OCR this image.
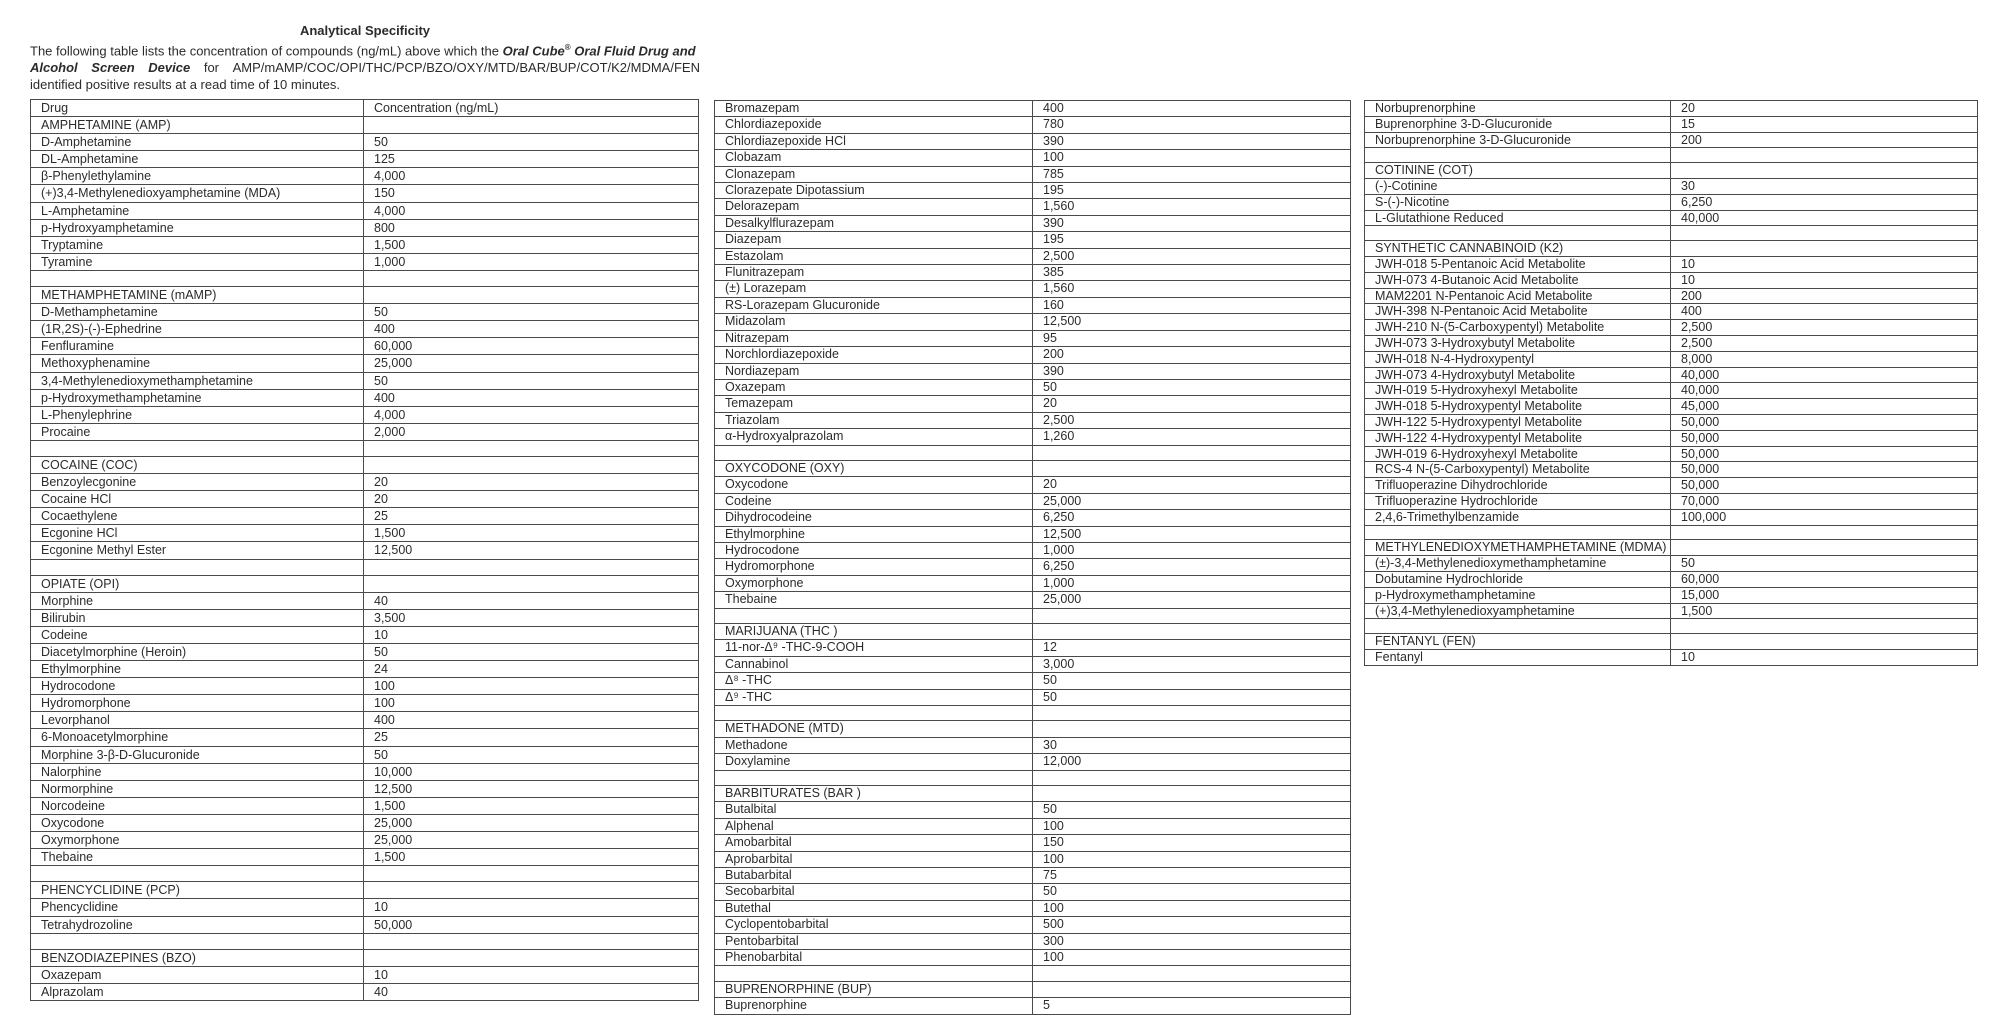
Analytical Specificity
The following table lists the concentration of compounds (ng/mL) above which the Oral Cube® Oral Fluid Drug and
Alcohol Screen Device for AMP/mAMP/COC/OPI/THC/PCP/BZO/OXY/MTD/BAR/BUP/COT/K2/MDMA/FEN
identified positive results at a read time of 10 minutes.
Drug	Concentration (ng/mL)
AMPHETAMINE (AMP)	
D-Amphetamine	50
DL-Amphetamine	125
β-Phenylethylamine	4,000
(+)3,4-Methylenedioxyamphetamine (MDA)	150
L-Amphetamine	4,000
p-Hydroxyamphetamine	800
Tryptamine	1,500
Tyramine	1,000

METHAMPHETAMINE (mAMP)	
D-Methamphetamine	50
(1R,2S)-(-)-Ephedrine	400
Fenfluramine	60,000
Methoxyphenamine	25,000
3,4-Methylenedioxymethamphetamine	50
p-Hydroxymethamphetamine	400
L-Phenylephrine	4,000
Procaine	2,000

COCAINE (COC)	
Benzoylecgonine	20
Cocaine HCl	20
Cocaethylene	25
Ecgonine HCl	1,500
Ecgonine Methyl Ester	12,500

OPIATE (OPI)	
Morphine	40
Bilirubin	3,500
Codeine	10
Diacetylmorphine (Heroin)	50
Ethylmorphine	24
Hydrocodone	100
Hydromorphone	100
Levorphanol	400
6-Monoacetylmorphine	25
Morphine 3-β-D-Glucuronide	50
Nalorphine	10,000
Normorphine	12,500
Norcodeine	1,500
Oxycodone	25,000
Oxymorphone	25,000
Thebaine	1,500

PHENCYCLIDINE (PCP)	
Phencyclidine	10
Tetrahydrozoline	50,000

BENZODIAZEPINES (BZO)	
Oxazepam	10
Alprazolam	40
Bromazepam	400
Chlordiazepoxide	780
Chlordiazepoxide HCl	390
Clobazam	100
Clonazepam	785
Clorazepate Dipotassium	195
Delorazepam	1,560
Desalkylflurazepam	390
Diazepam	195
Estazolam	2,500
Flunitrazepam	385
(±) Lorazepam	1,560
RS-Lorazepam Glucuronide	160
Midazolam	12,500
Nitrazepam	95
Norchlordiazepoxide	200
Nordiazepam	390
Oxazepam	50
Temazepam	20
Triazolam	2,500
α-Hydroxyalprazolam	1,260

OXYCODONE (OXY)	
Oxycodone	20
Codeine	25,000
Dihydrocodeine	6,250
Ethylmorphine	12,500
Hydrocodone	1,000
Hydromorphone	6,250
Oxymorphone	1,000
Thebaine	25,000

MARIJUANA (THC )	
11-nor-Δ⁹ -THC-9-COOH	12
Cannabinol	3,000
Δ⁸ -THC	50
Δ⁹ -THC	50

METHADONE (MTD)	
Methadone	30
Doxylamine	12,000

BARBITURATES (BAR )	
Butalbital	50
Alphenal	100
Amobarbital	150
Aprobarbital	100
Butabarbital	75
Secobarbital	50
Butethal	100
Cyclopentobarbital	500
Pentobarbital	300
Phenobarbital	100

BUPRENORPHINE (BUP)	
Buprenorphine	5
Norbuprenorphine	20
Buprenorphine 3-D-Glucuronide	15
Norbuprenorphine 3-D-Glucuronide	200

COTININE (COT)	
(-)-Cotinine	30
S-(-)-Nicotine	6,250
L-Glutathione Reduced	40,000

SYNTHETIC CANNABINOID (K2)	
JWH-018 5-Pentanoic Acid Metabolite	10
JWH-073 4-Butanoic Acid Metabolite	10
MAM2201 N-Pentanoic Acid Metabolite	200
JWH-398 N-Pentanoic Acid Metabolite	400
JWH-210 N-(5-Carboxypentyl) Metabolite	2,500
JWH-073 3-Hydroxybutyl Metabolite	2,500
JWH-018 N-4-Hydroxypentyl	8,000
JWH-073 4-Hydroxybutyl Metabolite	40,000
JWH-019 5-Hydroxyhexyl Metabolite	40,000
JWH-018 5-Hydroxypentyl Metabolite	45,000
JWH-122 5-Hydroxypentyl Metabolite	50,000
JWH-122 4-Hydroxypentyl Metabolite	50,000
JWH-019 6-Hydroxyhexyl Metabolite	50,000
RCS-4 N-(5-Carboxypentyl) Metabolite	50,000
Trifluoperazine Dihydrochloride	50,000
Trifluoperazine Hydrochloride	70,000
2,4,6-Trimethylbenzamide	100,000

METHYLENEDIOXYMETHAMPHETAMINE (MDMA)	
(±)-3,4-Methylenedioxymethamphetamine	50
Dobutamine Hydrochloride	60,000
p-Hydroxymethamphetamine	15,000
(+)3,4-Methylenedioxyamphetamine	1,500

FENTANYL (FEN)	
Fentanyl	10
